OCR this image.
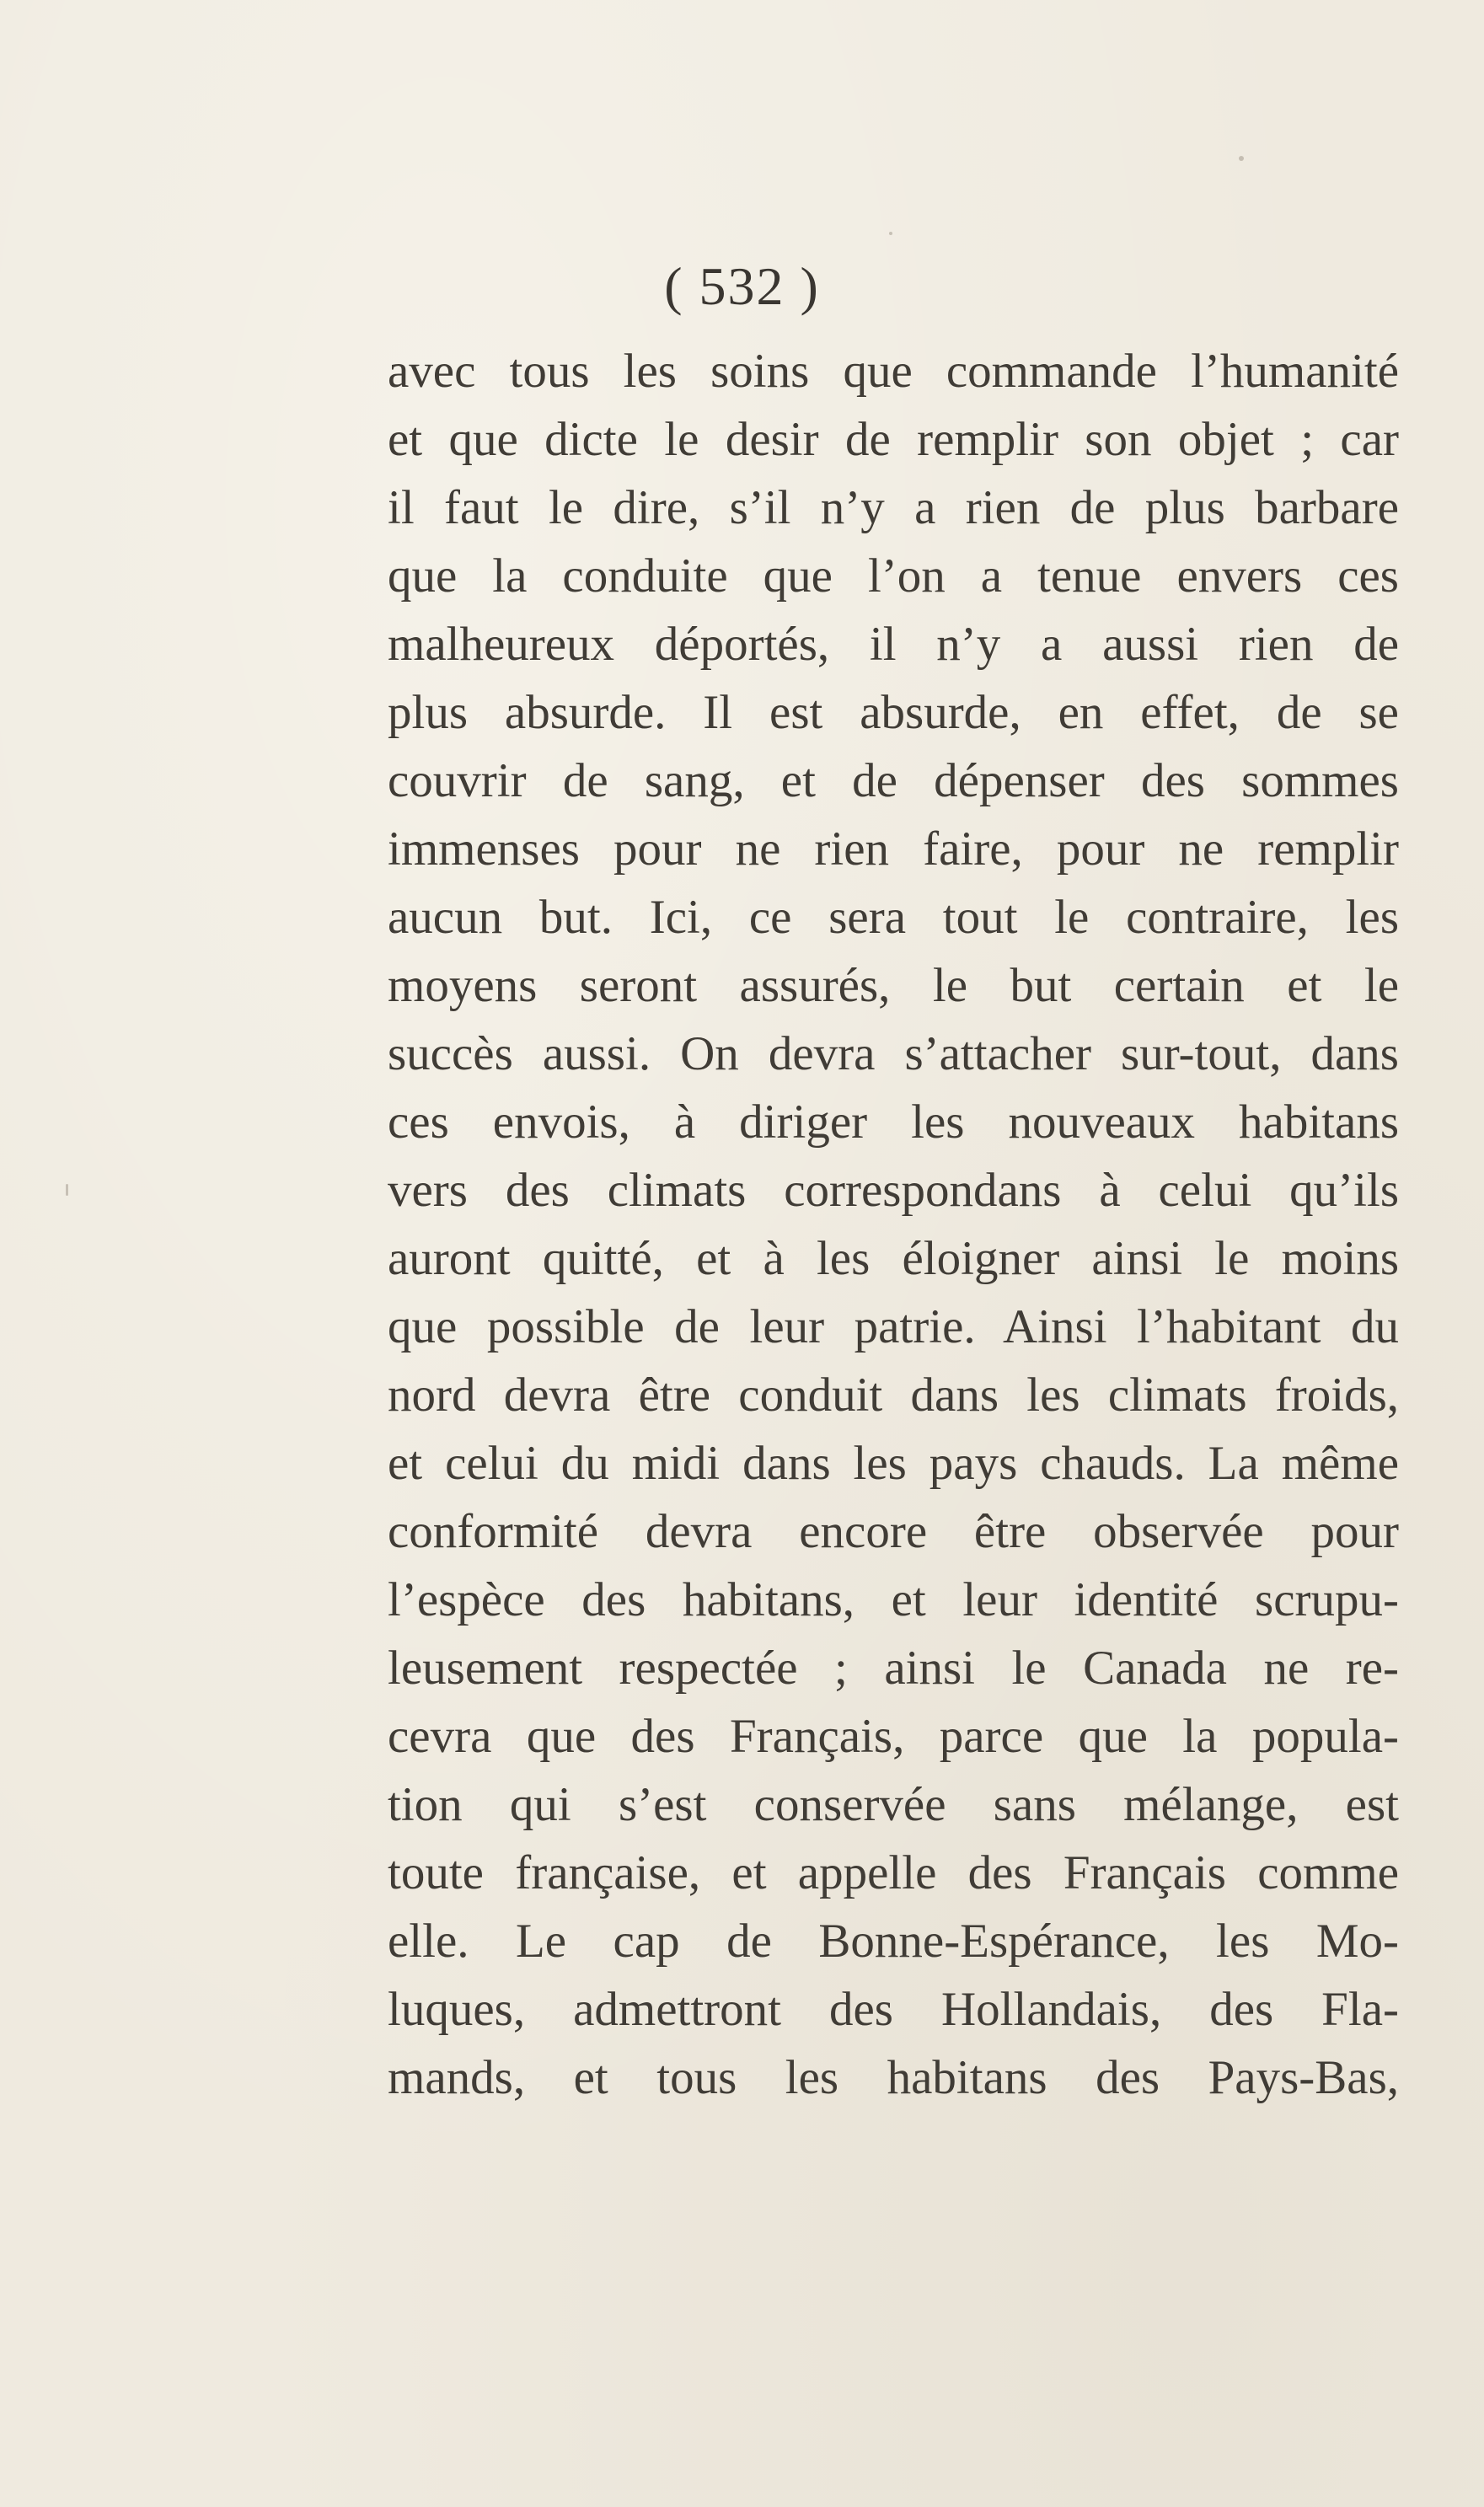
( 532 )
avec tous les soins que commande l’humanité
et que dicte le desir de remplir son objet ; car
il faut le dire, s’il n’y a rien de plus barbare
que la conduite que l’on a tenue envers ces
malheureux déportés, il n’y a aussi rien de
plus absurde. Il est absurde, en effet, de se
couvrir de sang, et de dépenser des sommes
immenses pour ne rien faire, pour ne remplir
aucun but. Ici, ce sera tout le contraire, les
moyens seront assurés, le but certain et le
succès aussi. On devra s’attacher sur-tout, dans
ces envois, à diriger les nouveaux habitans
vers des climats correspondans à celui qu’ils
auront quitté, et à les éloigner ainsi le moins
que possible de leur patrie. Ainsi l’habitant du
nord devra être conduit dans les climats froids,
et celui du midi dans les pays chauds. La même
conformité devra encore être observée pour
l’espèce des habitans, et leur identité scrupu-
leusement respectée ; ainsi le Canada ne re-
cevra que des Français, parce que la popula-
tion qui s’est conservée sans mélange, est
toute française, et appelle des Français comme
elle. Le cap de Bonne-Espérance, les Mo-
luques, admettront des Hollandais, des Fla-
mands, et tous les habitans des Pays-Bas,
